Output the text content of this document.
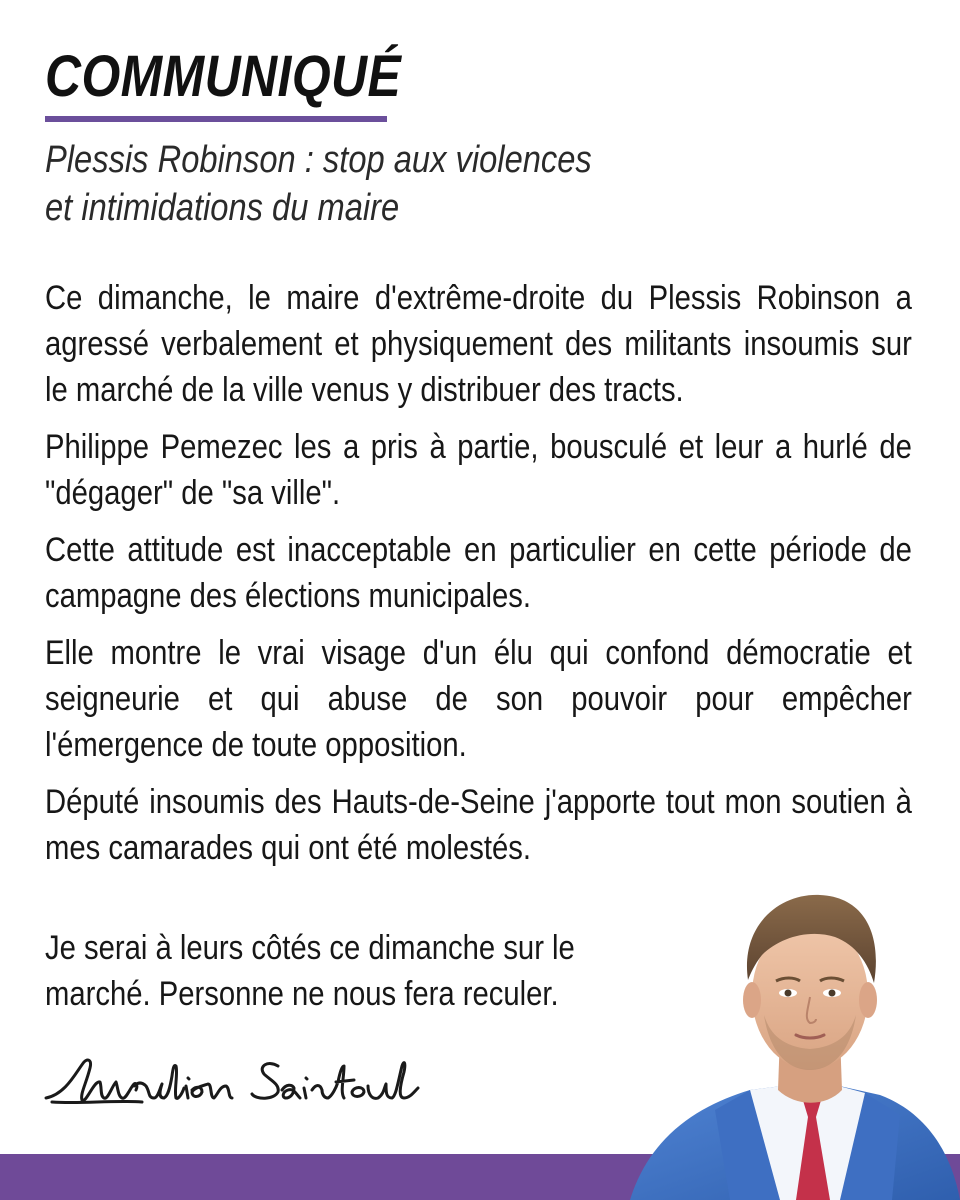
COMMUNIQUÉ
Plessis Robinson : stop aux violences
et intimidations du maire

Ce dimanche, le maire d'extrême-droite du Plessis Robinson a agressé verbalement et physiquement des militants insoumis sur le marché de la ville venus y distribuer des tracts.

Philippe Pemezec les a pris à partie, bousculé et leur a hurlé de "dégager" de "sa ville".

Cette attitude est inacceptable en particulier en cette période de campagne des élections municipales.

Elle montre le vrai visage d'un élu qui confond démocratie et seigneurie et qui abuse de son pouvoir pour empêcher l'émergence de toute opposition.

Député insoumis des Hauts-de-Seine j'apporte tout mon soutien à mes camarades qui ont été molestés.

Je serai à leurs côtés ce dimanche sur le
marché. Personne ne nous fera reculer.
